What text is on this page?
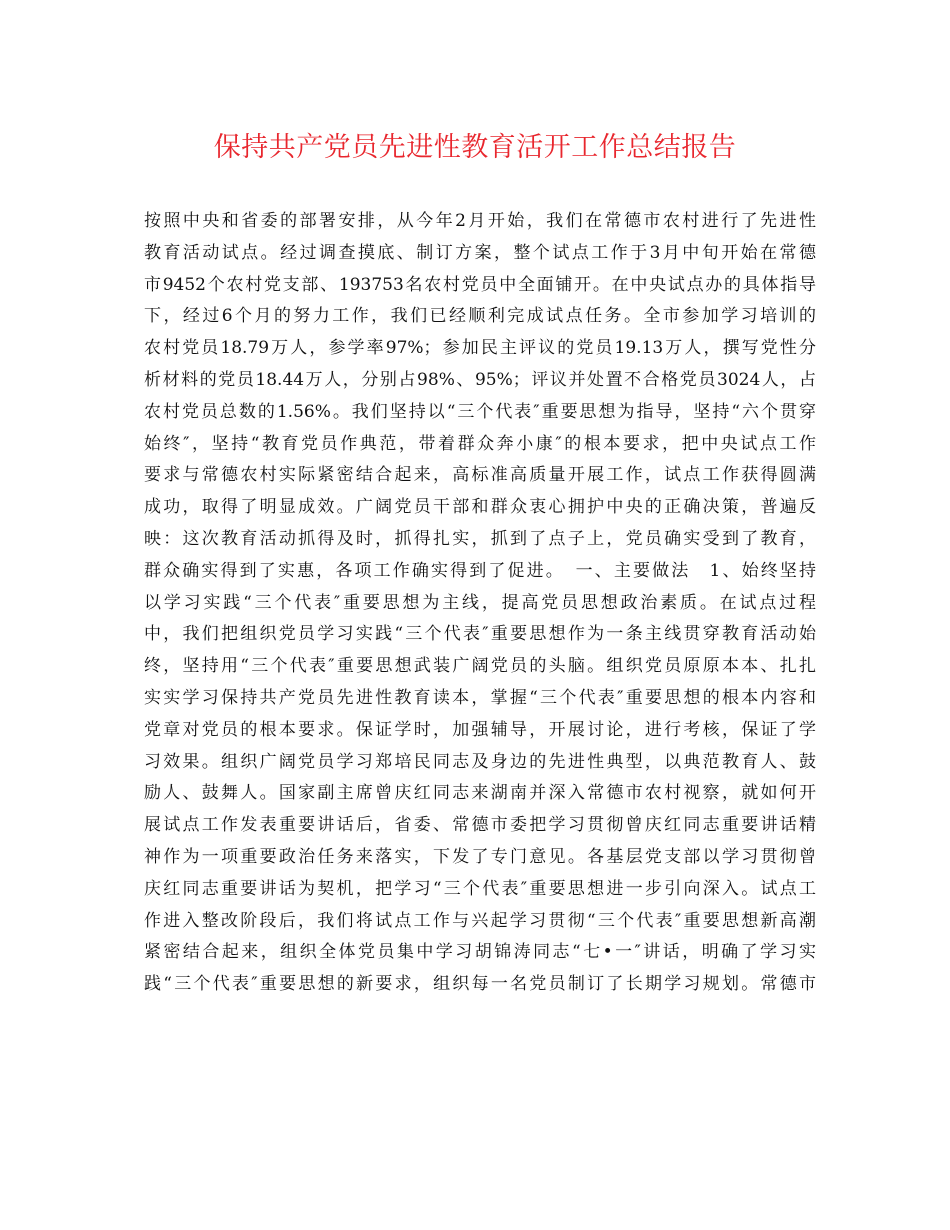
保持共产党员先进性教育活开工作总结报告
按照中央和省委的部署安排，从今年2月开始，我们在常德市农村进行了先进性
教育活动试点。经过调查摸底、制订方案，整个试点工作于3月中旬开始在常德
市9452个农村党支部、193753名农村党员中全面铺开。在中央试点办的具体指导
下，经过6个月的努力工作，我们已经顺利完成试点任务。全市参加学习培训的
农村党员18.79万人，参学率97%；参加民主评议的党员19.13万人，撰写党性分
析材料的党员18.44万人，分别占98%、95%；评议并处置不合格党员3024人，占
农村党员总数的1.56%。我们坚持以“三个代表″重要思想为指导，坚持“六个贯穿
始终″，坚持“教育党员作典范，带着群众奔小康″的根本要求，把中央试点工作
要求与常德农村实际紧密结合起来，高标准高质量开展工作，试点工作获得圆满
成功，取得了明显成效。广阔党员干部和群众衷心拥护中央的正确决策，普遍反
映：这次教育活动抓得及时，抓得扎实，抓到了点子上，党员确实受到了教育，
群众确实得到了实惠，各项工作确实得到了促进。　一、主要做法　1、始终坚持
以学习实践“三个代表″重要思想为主线，提高党员思想政治素质。在试点过程
中，我们把组织党员学习实践“三个代表″重要思想作为一条主线贯穿教育活动始
终，坚持用“三个代表″重要思想武装广阔党员的头脑。组织党员原原本本、扎扎
实实学习保持共产党员先进性教育读本，掌握“三个代表″重要思想的根本内容和
党章对党员的根本要求。保证学时，加强辅导，开展讨论，进行考核，保证了学
习效果。组织广阔党员学习郑培民同志及身边的先进性典型，以典范教育人、鼓
励人、鼓舞人。国家副主席曾庆红同志来湖南并深入常德市农村视察，就如何开
展试点工作发表重要讲话后，省委、常德市委把学习贯彻曾庆红同志重要讲话精
神作为一项重要政治任务来落实，下发了专门意见。各基层党支部以学习贯彻曾
庆红同志重要讲话为契机，把学习“三个代表″重要思想进一步引向深入。试点工
作进入整改阶段后，我们将试点工作与兴起学习贯彻“三个代表″重要思想新高潮
紧密结合起来，组织全体党员集中学习胡锦涛同志“七•一″讲话，明确了学习实
践“三个代表″重要思想的新要求，组织每一名党员制订了长期学习规划。常德市
